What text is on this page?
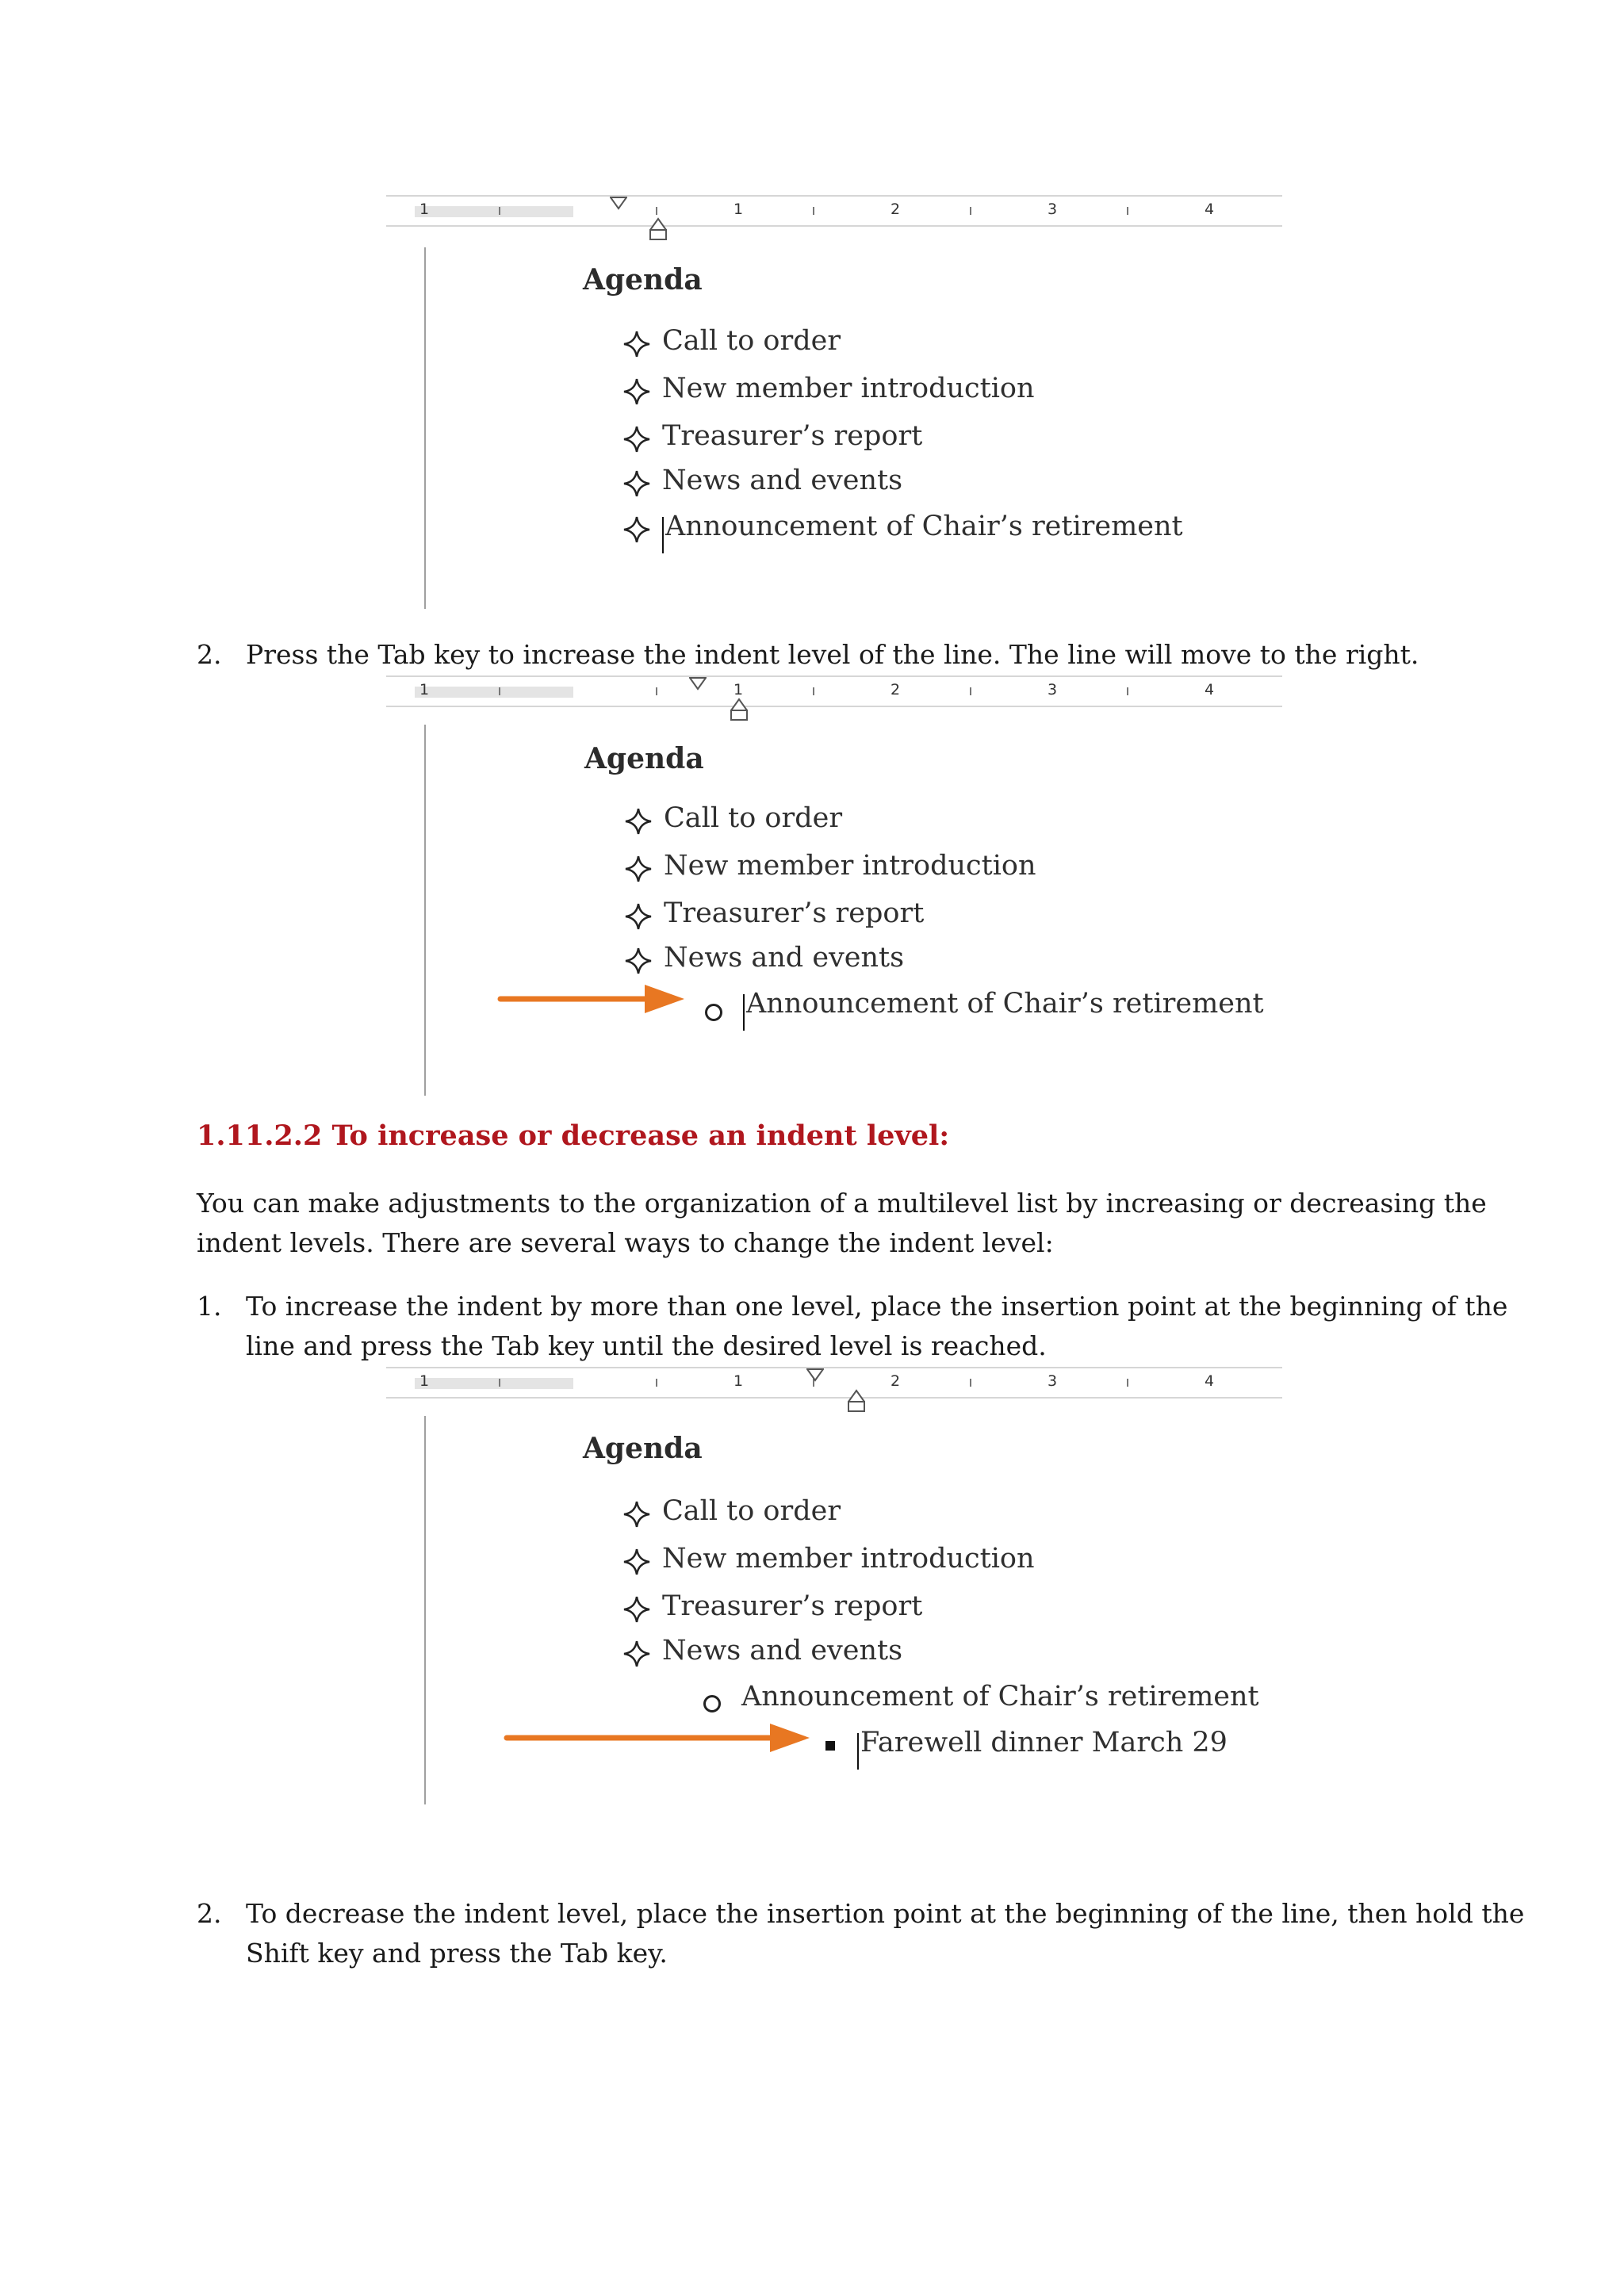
1	1	2	3	4
Agenda
Call to order
New member introduction
Treasurer’s report
News and events
Announcement of Chair’s retirement
2. Press the Tab key to increase the indent level of the line. The line will move to the right.
1	1	2	3	4
Agenda
Call to order
New member introduction
Treasurer’s report
News and events
Announcement of Chair’s retirement
1.11.2.2 To increase or decrease an indent level:
You can make adjustments to the organization of a multilevel list by increasing or decreasing the
indent levels. There are several ways to change the indent level:
1. To increase the indent by more than one level, place the insertion point at the beginning of the
line and press the Tab key until the desired level is reached.
1	1	2	3	4
Agenda
Call to order
New member introduction
Treasurer’s report
News and events
Announcement of Chair’s retirement
Farewell dinner March 29
2. To decrease the indent level, place the insertion point at the beginning of the line, then hold the
Shift key and press the Tab key.
